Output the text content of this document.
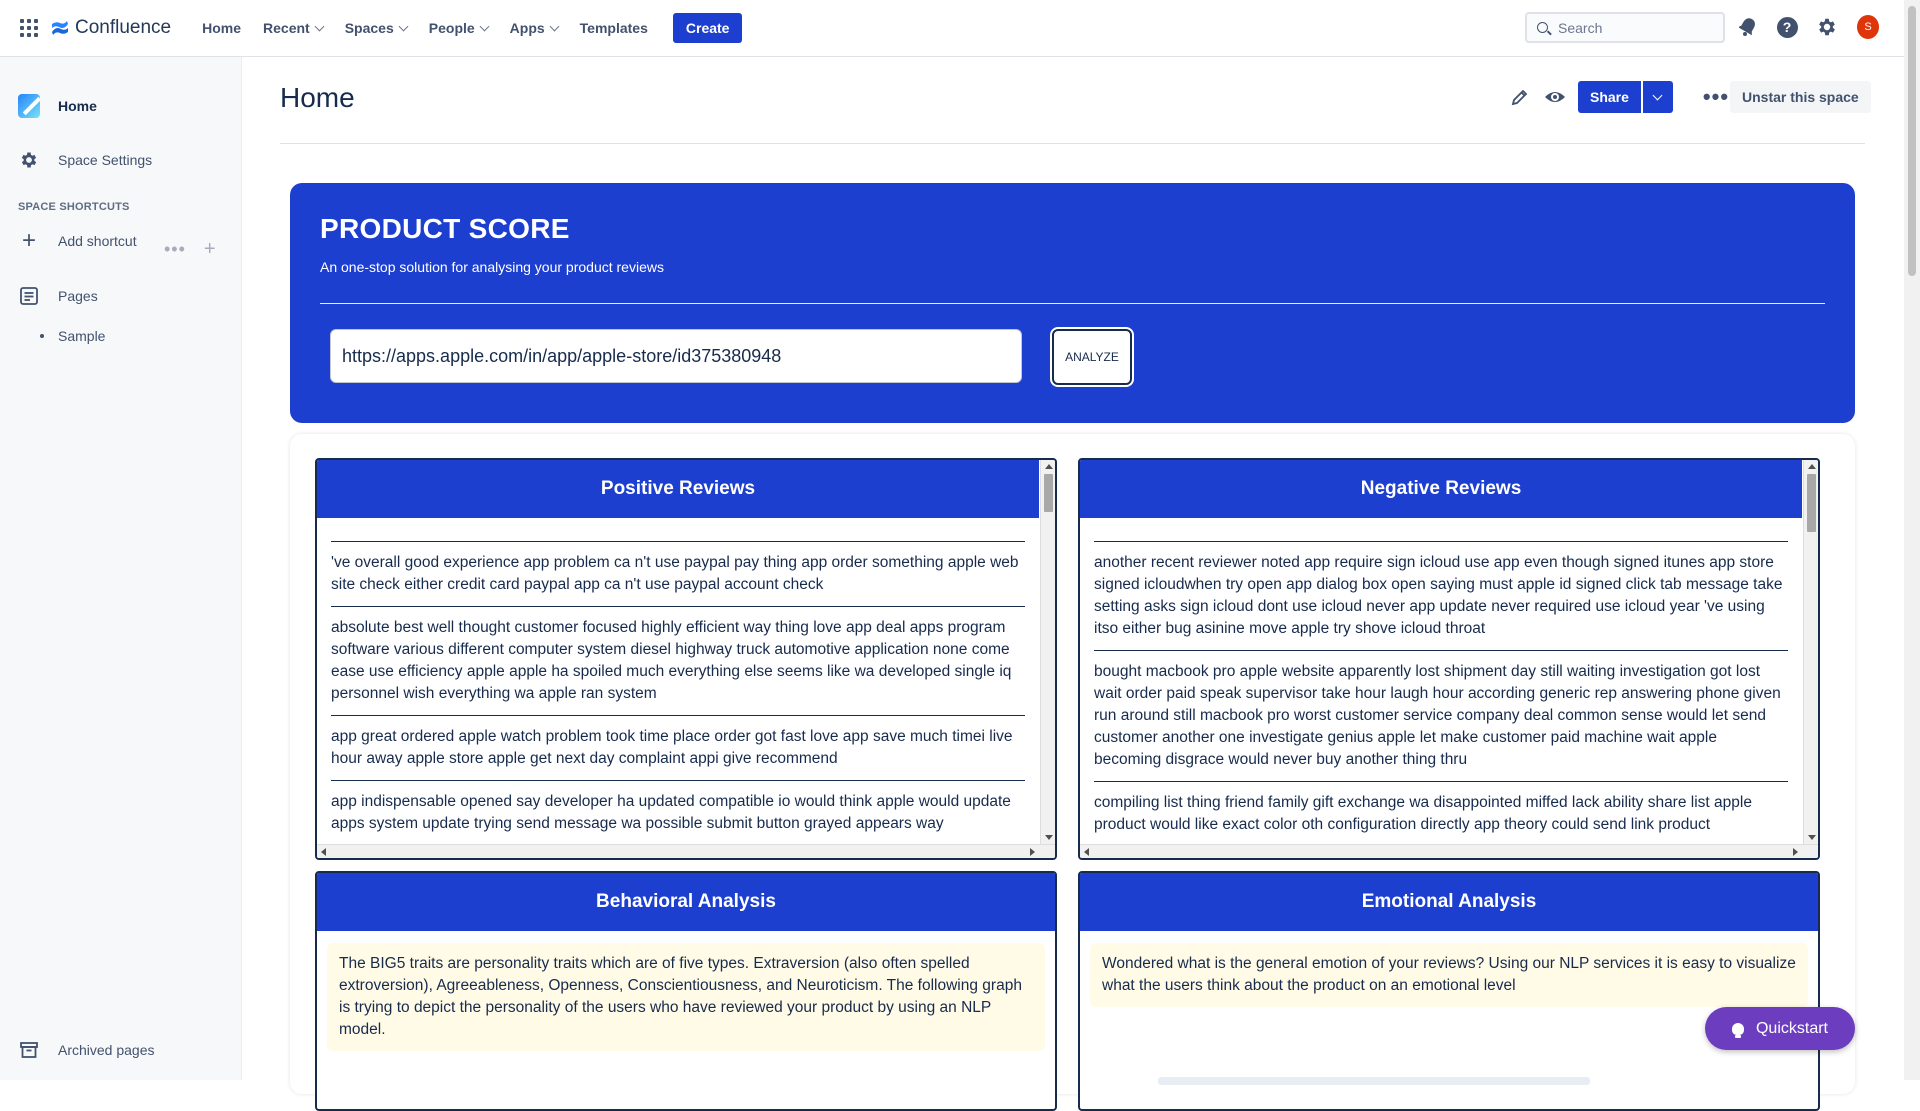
Confluence Home Recent	Spaces	People	Apps	Templates	Create
Search	?	S
Home
Space Settings
SPACE SHORTCUTS
+ Add shortcut
Pages
••• +
Sample
Archived pages
Home	Share	••• Unstar this space
PRODUCT SCORE
An one-stop solution for analysing your product reviews
https://apps.apple.com/in/app/apple-store/id375380948
ANALYZE
Positive Reviews
've overall good experience app problem ca n't use paypal pay thing app order something apple web site check either credit card paypal app ca n't use paypal account check
absolute best well thought customer focused highly efficient way thing love app deal apps program software various different computer system diesel highway truck automotive application none come ease use efficiency apple apple ha spoiled much everything else seems like wa developed single iq personnel wish everything wa apple ran system
app great ordered apple watch problem took time place order got fast love app save much timei live hour away apple store apple get next day complaint appi give recommend
app indispensable opened say developer ha updated compatible io would think apple would update apps system update trying send message wa possible submit button grayed appears way
Negative Reviews
another recent reviewer noted app require sign icloud use app even though signed itunes app store signed icloudwhen try open app dialog box open saying must apple id signed click tab message take setting asks sign icloud dont use icloud never app update never required use icloud year 've using itso either bug asinine move apple try shove icloud throat
bought macbook pro apple website apparently lost shipment day still waiting investigation got lost wait order paid speak supervisor take hour laugh hour according generic rep answering phone given run around still macbook pro worst customer service company deal common sense would let send customer another one investigate genius apple let make customer paid machine wait apple becoming disgrace would never buy another thing thru
compiling list thing friend family gift exchange wa disappointed miffed lack ability share list apple product would like exact color oth configuration directly app theory could send link product
Behavioral Analysis
The BIG5 traits are personality traits which are of five types. Extraversion (also often spelled extroversion), Agreeableness, Openness, Conscientiousness, and Neuroticism. The following graph is trying to depict the personality of the users who have reviewed your product by using an NLP model.
Emotional Analysis
Wondered what is the general emotion of your reviews? Using our NLP services it is easy to visualize what the users think about the product on an emotional level
Quickstart
